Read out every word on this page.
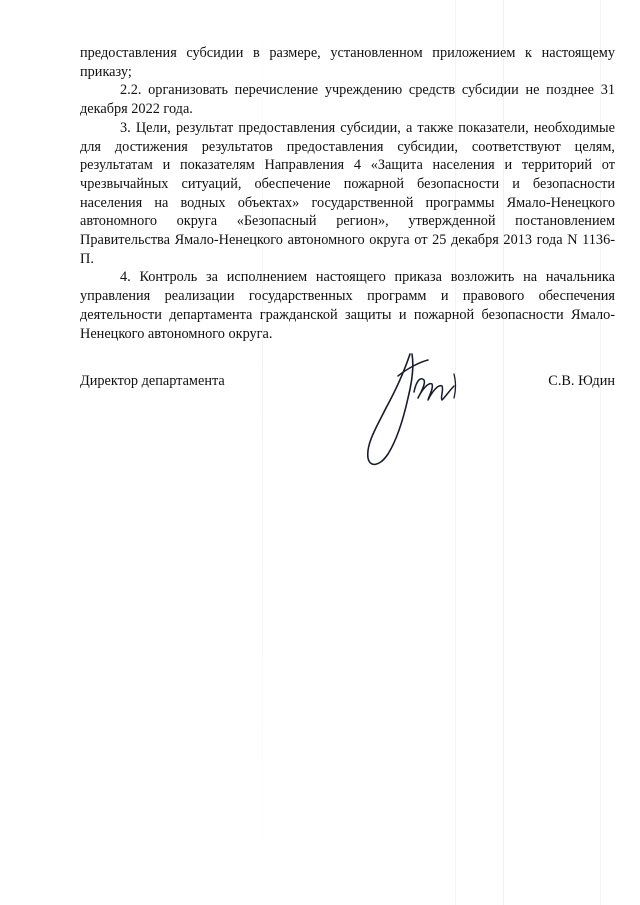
предоставления субсидии в размере, установленном приложением к настоящему приказу;

2.2. организовать перечисление учреждению средств субсидии не позднее 31 декабря 2022 года.

3. Цели, результат предоставления субсидии, а также показатели, необходимые для достижения результатов предоставления субсидии, соответствуют целям, результатам и показателям Направления 4 «Защита населения и территорий от чрезвычайных ситуаций, обеспечение пожарной безопасности и безопасности населения на водных объектах» государственной программы Ямало-Ненецкого автономного округа «Безопасный регион», утвержденной постановлением Правительства Ямало-Ненецкого автономного округа от 25 декабря 2013 года N 1136-П.

4. Контроль за исполнением настоящего приказа возложить на начальника управления реализации государственных программ и правового обеспечения деятельности департамента гражданской защиты и пожарной безопасности Ямало-Ненецкого автономного округа.

Директор департамента	С.В. Юдин
